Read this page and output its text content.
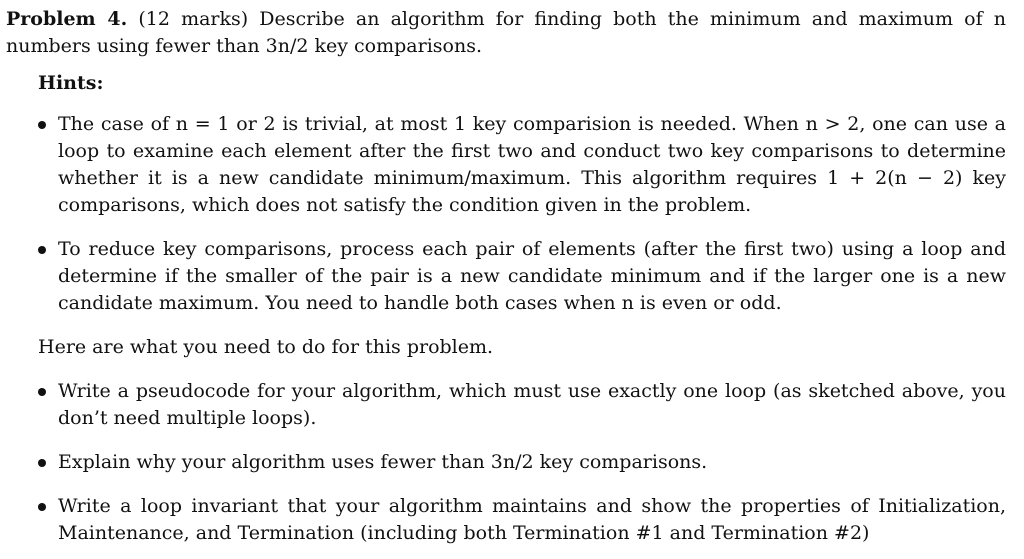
Problem 4. (12 marks) Describe an algorithm for finding both the minimum and maximum of n numbers using fewer than 3n/2 key comparisons.

Hints:
The case of n = 1 or 2 is trivial, at most 1 key comparision is needed. When n > 2, one can use a loop to examine each element after the first two and conduct two key comparisons to determine whether it is a new candidate minimum/maximum. This algorithm requires 1 + 2(n − 2) key comparisons, which does not satisfy the condition given in the problem.
To reduce key comparisons, process each pair of elements (after the first two) using a loop and determine if the smaller of the pair is a new candidate minimum and if the larger one is a new candidate maximum. You need to handle both cases when n is even or odd.
Here are what you need to do for this problem.
Write a pseudocode for your algorithm, which must use exactly one loop (as sketched above, you don’t need multiple loops).
Explain why your algorithm uses fewer than 3n/2 key comparisons.
Write a loop invariant that your algorithm maintains and show the properties of Initialization, Maintenance, and Termination (including both Termination #1 and Termination #2)
